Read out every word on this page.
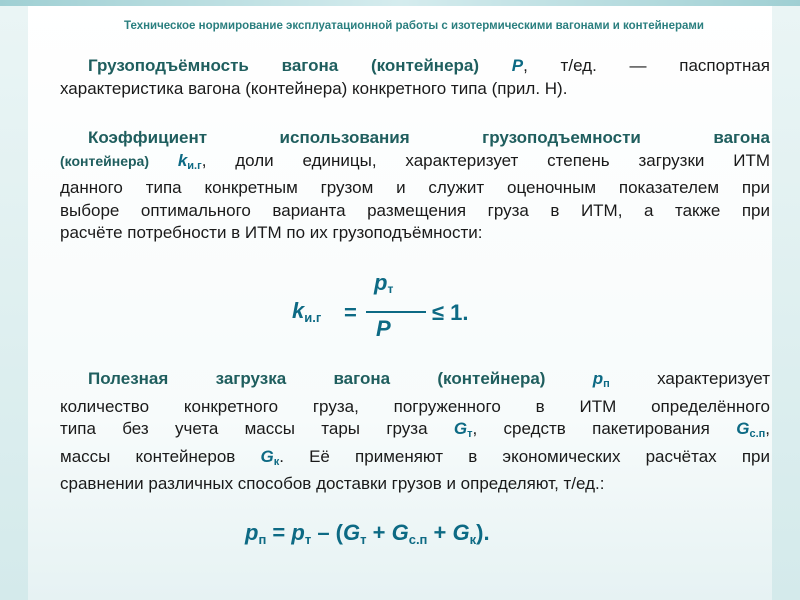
Техническое нормирование эксплуатационной работы с изотермическими вагонами и контейнерами
Грузоподъёмность вагона (контейнера) P, т/ед. — паспортная
характеристика вагона (контейнера) конкретного типа (прил. Н).
Коэффициент использования грузоподъемности вагона
(контейнера) $k_{и.г}$, доли единицы, характеризует степень загрузки ИТМ
данного типа конкретным грузом и служит оценочным показателем при
выборе оптимального варианта размещения груза в ИТМ, а также при
расчёте потребности в ИТМ по их грузоподъёмности:
$k_{и.г}$ =
$p_т$
P
≤ 1.
Полезная загрузка вагона (контейнера)	$p_п$ характеризует
количество конкретного груза, погруженного в ИТМ определённого
типа без учета массы тары груза $G_т$, средств пакетирования $G_{с.п}$,
массы контейнеров $G_к$. Её применяют в экономических расчётах при
сравнении различных способов доставки грузов и определяют, т/ед.:
$p_п = p_т - (G_т + G_{с.п} + G_к)$.
